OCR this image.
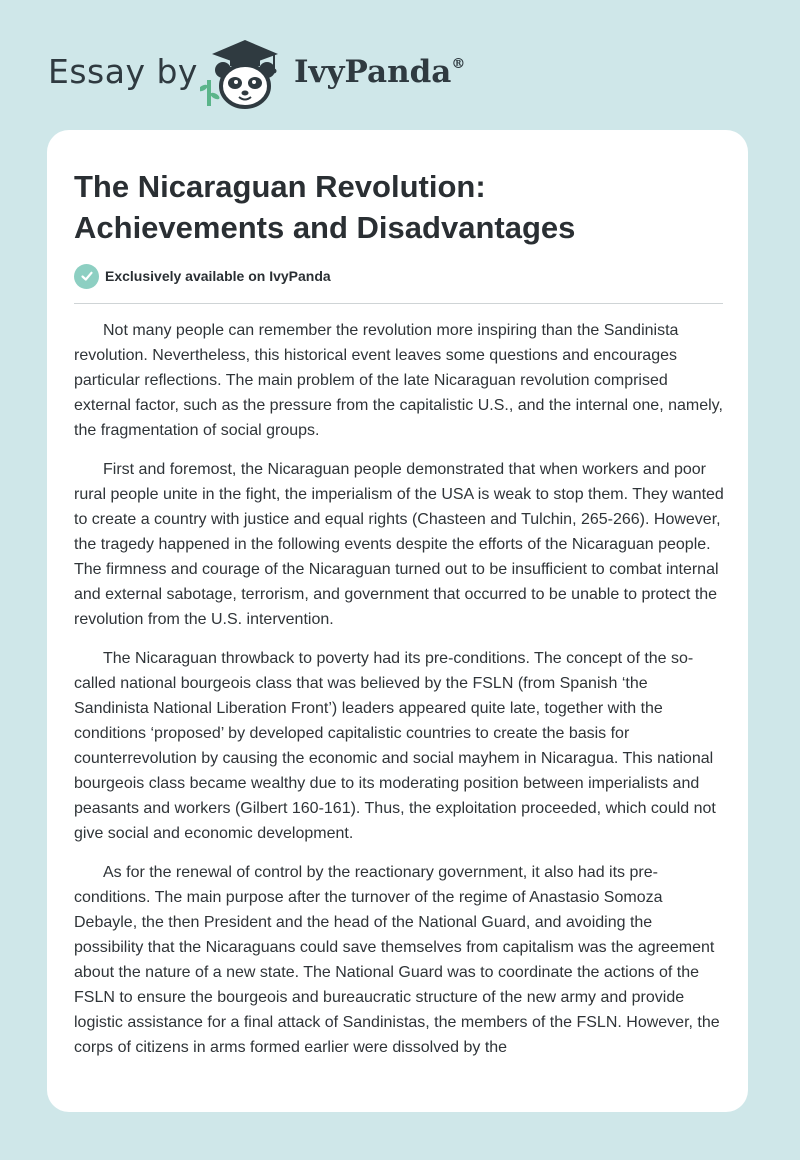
Essay by	IvyPanda®
The Nicaraguan Revolution:
Achievements and Disadvantages
Exclusively available on IvyPanda

Not many people can remember the revolution more inspiring than the Sandinista revolution. Nevertheless, this historical event leaves some questions and encourages particular reflections. The main problem of the late Nicaraguan revolution comprised external factor, such as the pressure from the capitalistic U.S., and the internal one, namely, the fragmentation of social groups.

First and foremost, the Nicaraguan people demonstrated that when workers and poor rural people unite in the fight, the imperialism of the USA is weak to stop them. They wanted to create a country with justice and equal rights (Chasteen and Tulchin, 265-266). However, the tragedy happened in the following events despite the efforts of the Nicaraguan people. The firmness and courage of the Nicaraguan turned out to be insufficient to combat internal and external sabotage, terrorism, and government that occurred to be unable to protect the revolution from the U.S. intervention.

The Nicaraguan throwback to poverty had its pre-conditions. The concept of the so-called national bourgeois class that was believed by the FSLN (from Spanish ‘the Sandinista National Liberation Front’) leaders appeared quite late, together with the conditions ‘proposed’ by developed capitalistic countries to create the basis for counterrevolution by causing the economic and social mayhem in Nicaragua. This national bourgeois class became wealthy due to its moderating position between imperialists and peasants and workers (Gilbert 160-161). Thus, the exploitation proceeded, which could not give social and economic development.

As for the renewal of control by the reactionary government, it also had its pre-conditions. The main purpose after the turnover of the regime of Anastasio Somoza Debayle, the then President and the head of the National Guard, and avoiding the possibility that the Nicaraguans could save themselves from capitalism was the agreement about the nature of a new state. The National Guard was to coordinate the actions of the FSLN to ensure the bourgeois and bureaucratic structure of the new army and provide logistic assistance for a final attack of Sandinistas, the members of the FSLN. However, the corps of citizens in arms formed earlier were dissolved by the
